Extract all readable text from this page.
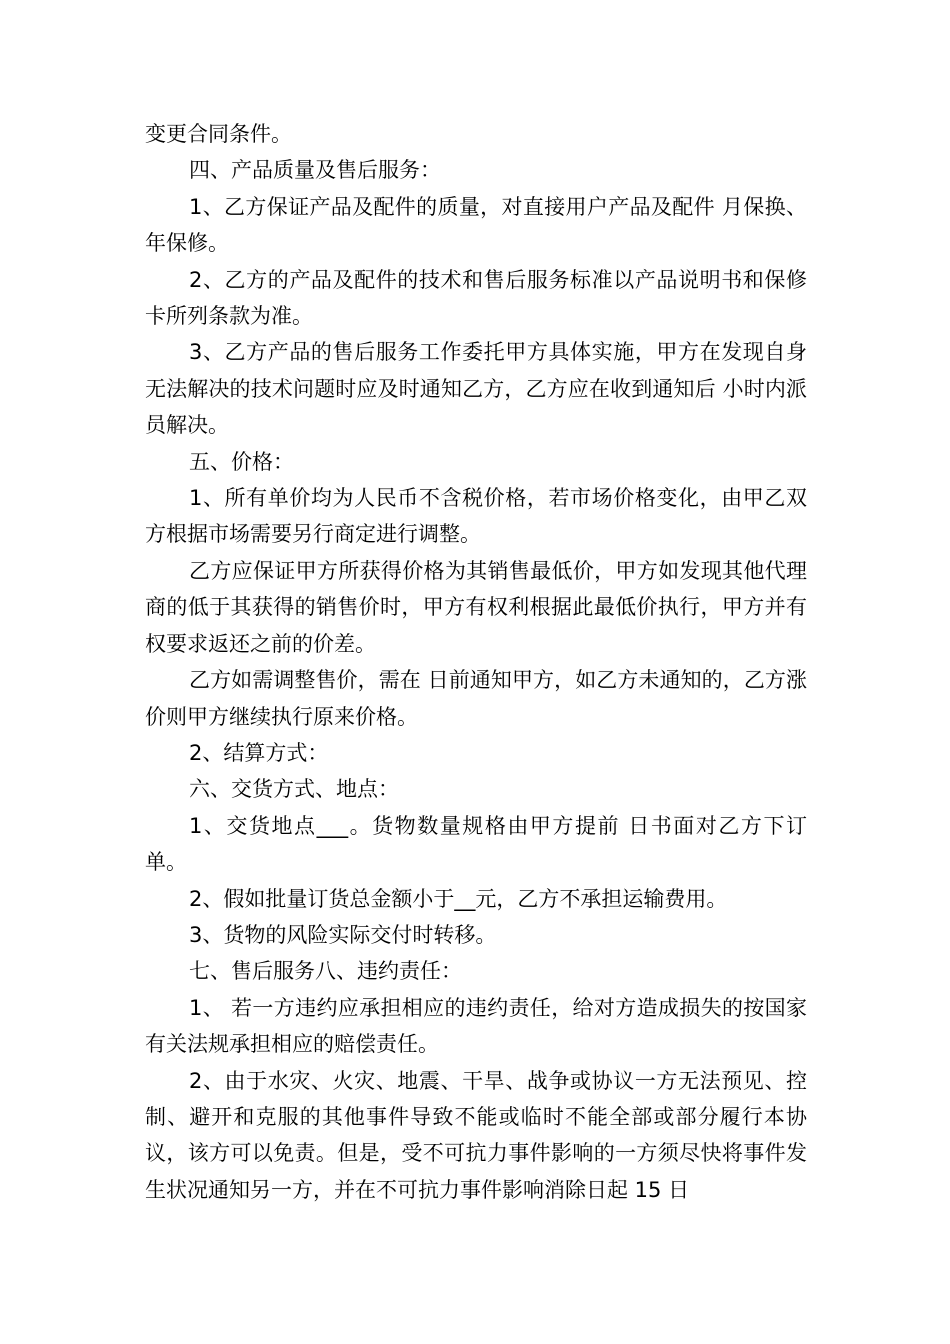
变更合同条件。

四、产品质量及售后服务：

1、乙方保证产品及配件的质量，对直接用户产品及配件 月保换、 年保修。

2、乙方的产品及配件的技术和售后服务标准以产品说明书和保修卡所列条款为准。

3、乙方产品的售后服务工作委托甲方具体实施，甲方在发现自身无法解决的技术问题时应及时通知乙方，乙方应在收到通知后 小时内派员解决。

五、价格：

1、所有单价均为人民币不含税价格，若市场价格变化，由甲乙双方根据市场需要另行商定进行调整。

乙方应保证甲方所获得价格为其销售最低价，甲方如发现其他代理商的低于其获得的销售价时，甲方有权利根据此最低价执行，甲方并有权要求返还之前的价差。

乙方如需调整售价，需在 日前通知甲方，如乙方未通知的，乙方涨价则甲方继续执行原来价格。

2、结算方式：

六、交货方式、地点：

1、交货地点___。货物数量规格由甲方提前 日书面对乙方下订单。

2、假如批量订货总金额小于__元，乙方不承担运输费用。

3、货物的风险实际交付时转移。

七、售后服务八、违约责任：

1、 若一方违约应承担相应的违约责任，给对方造成损失的按国家有关法规承担相应的赔偿责任。

2、由于水灾、火灾、地震、干旱、战争或协议一方无法预见、控制、避开和克服的其他事件导致不能或临时不能全部或部分履行本协议，该方可以免责。但是，受不可抗力事件影响的一方须尽快将事件发生状况通知另一方，并在不可抗力事件影响消除日起 15 日
